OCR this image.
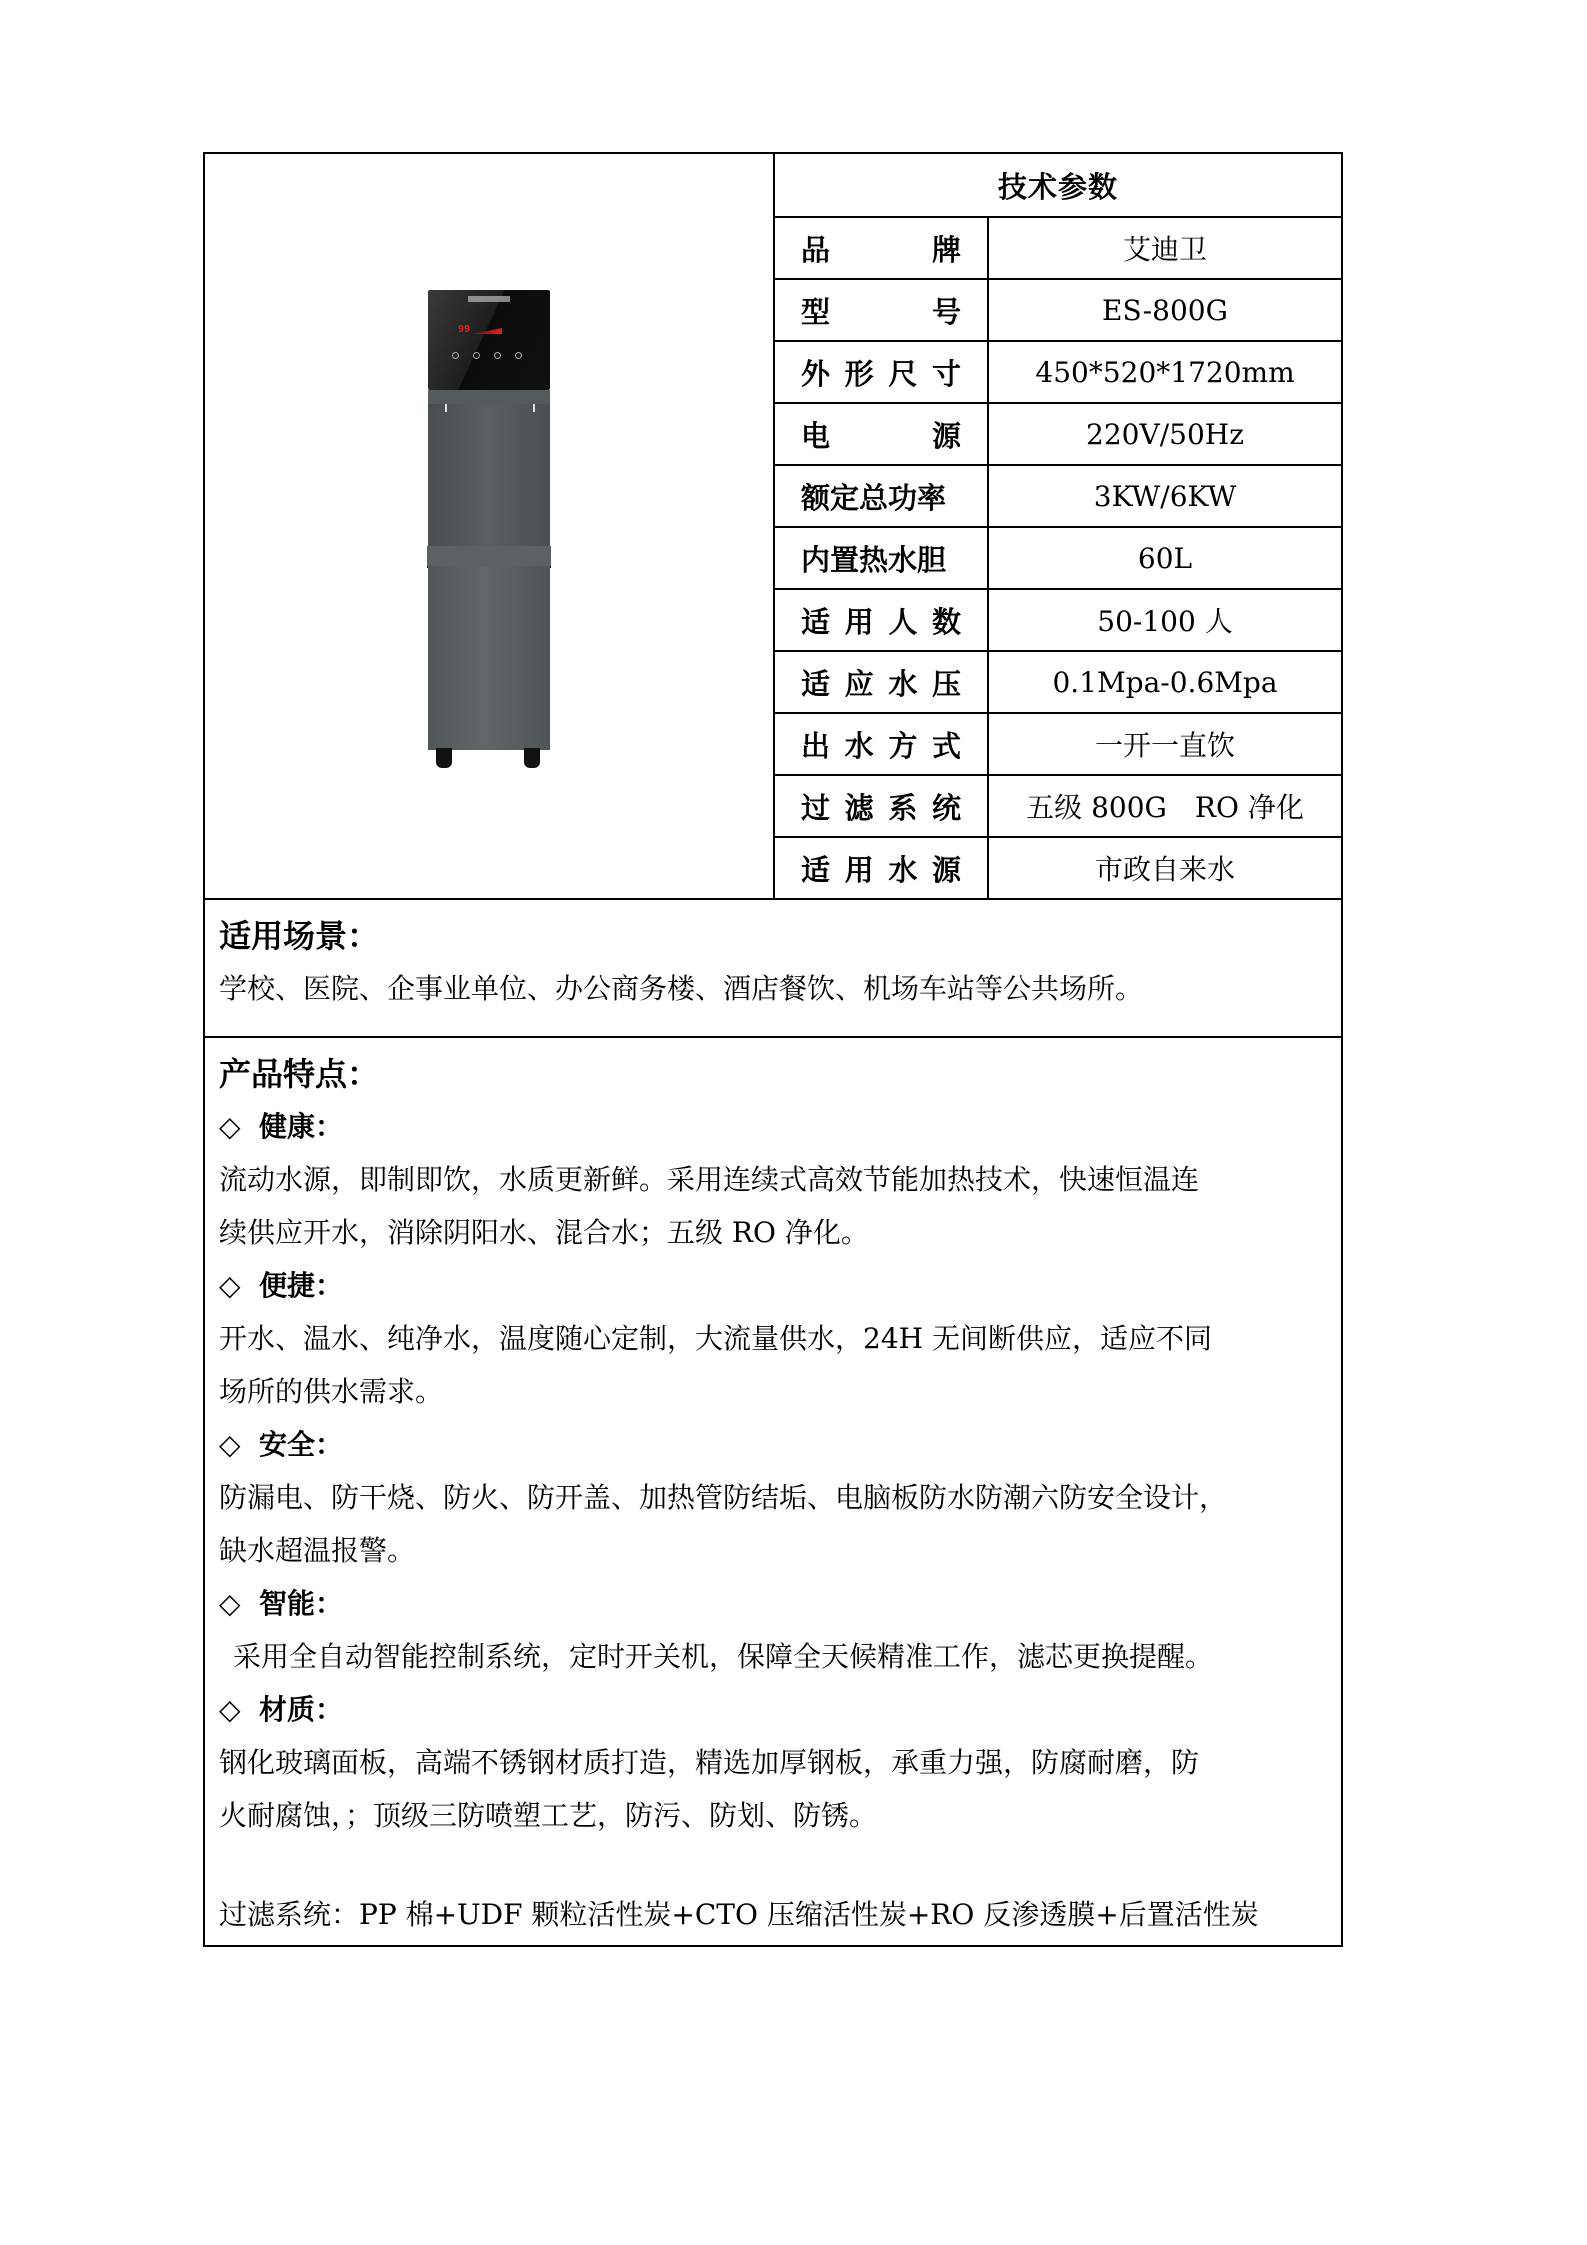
99
技术参数
品	牌	艾迪卫
型	号	ES-800G
外 形 尺 寸	450*520*1720mm
电	源	220V/50Hz
额定总功率	3KW/6KW
内置热水胆	60L
适 用 人 数	50-100 人
适 应 水 压	0.1Mpa-0.6Mpa
出 水 方 式	一开一直饮
过 滤 系 统	五级 800G　RO 净化
适 用 水 源	市政自来水
适用场景：
学校、医院、企事业单位、办公商务楼、酒店餐饮、机场车站等公共场所。
产品特点：
◇ 健康：
流动水源，即制即饮，水质更新鲜。采用连续式高效节能加热技术，快速恒温连
续供应开水，消除阴阳水、混合水；五级 RO 净化。
◇ 便捷：
开水、温水、纯净水，温度随心定制，大流量供水，24H 无间断供应，适应不同
场所的供水需求。
◇ 安全：
防漏电、防干烧、防火、防开盖、加热管防结垢、电脑板防水防潮六防安全设计，
缺水超温报警。
◇ 智能：
采用全自动智能控制系统，定时开关机，保障全天候精准工作，滤芯更换提醒。
◇ 材质：
钢化玻璃面板，高端不锈钢材质打造，精选加厚钢板，承重力强，防腐耐磨，防
火耐腐蚀，；顶级三防喷塑工艺，防污、防划、防锈。
过滤系统：PP 棉+UDF 颗粒活性炭+CTO 压缩活性炭+RO 反渗透膜+后置活性炭
